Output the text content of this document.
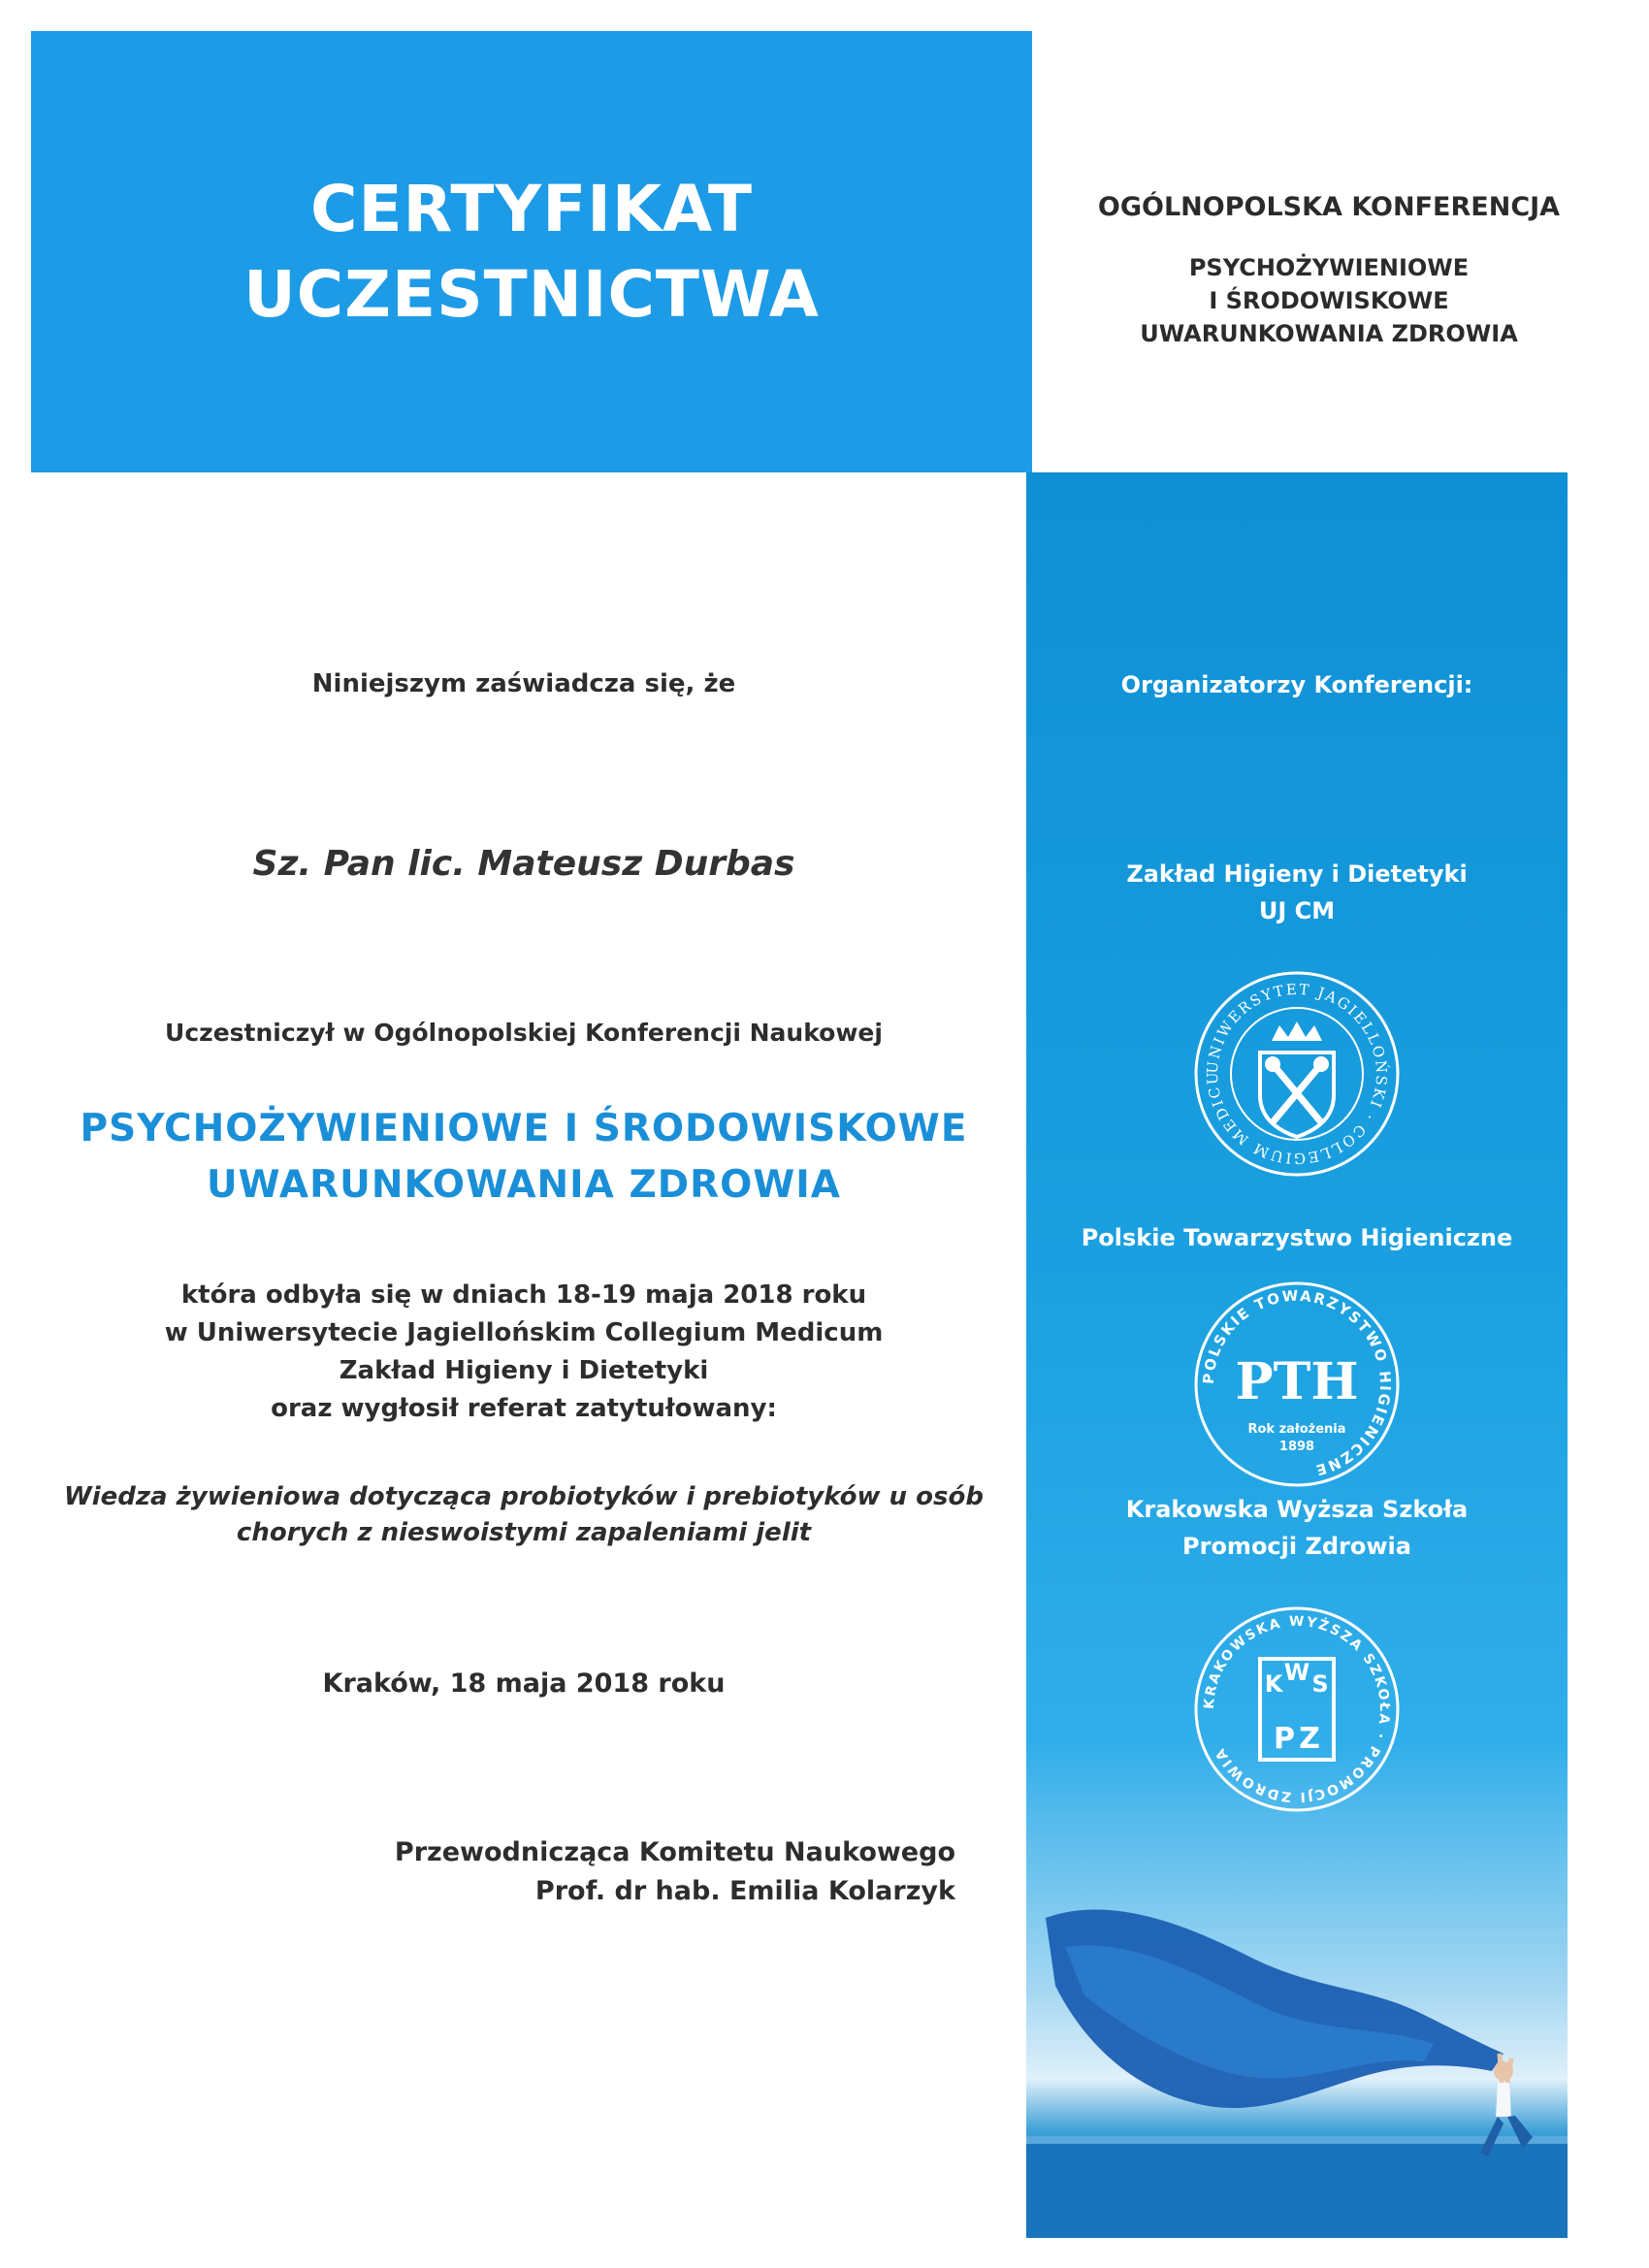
CERTYFIKAT
UCZESTNICTWA
OGÓLNOPOLSKA KONFERENCJA
PSYCHOŻYWIENIOWE
I ŚRODOWISKOWE
UWARUNKOWANIA ZDROWIA
Organizatorzy Konferencji:
Zakład Higieny i Dietetyki
UJ CM
UNIWERSYTET JAGIELLOŃSKI · COLLEGIUM MEDICU
Polskie Towarzystwo Higieniczne
POLSKIE TOWARZYSTWO HIGIENICZNE
PTH
Rok założenia
1898
Krakowska Wyższa Szkoła
Promocji Zdrowia
KRAKOWSKA WYŻSZA SZKOŁA · PROMOCJI ZDROWIA
K W S
P Z
Niniejszym zaświadcza się, że
Sz. Pan lic. Mateusz Durbas
Uczestniczył w Ogólnopolskiej Konferencji Naukowej
PSYCHOŻYWIENIOWE I ŚRODOWISKOWE
UWARUNKOWANIA ZDROWIA
która odbyła się w dniach 18-19 maja 2018 roku
w Uniwersytecie Jagiellońskim Collegium Medicum
Zakład Higieny i Dietetyki
oraz wygłosił referat zatytułowany:
Wiedza żywieniowa dotycząca probiotyków i prebiotyków u osób
chorych z nieswoistymi zapaleniami jelit
Kraków, 18 maja 2018 roku
Przewodnicząca Komitetu Naukowego
Prof. dr hab. Emilia Kolarzyk
